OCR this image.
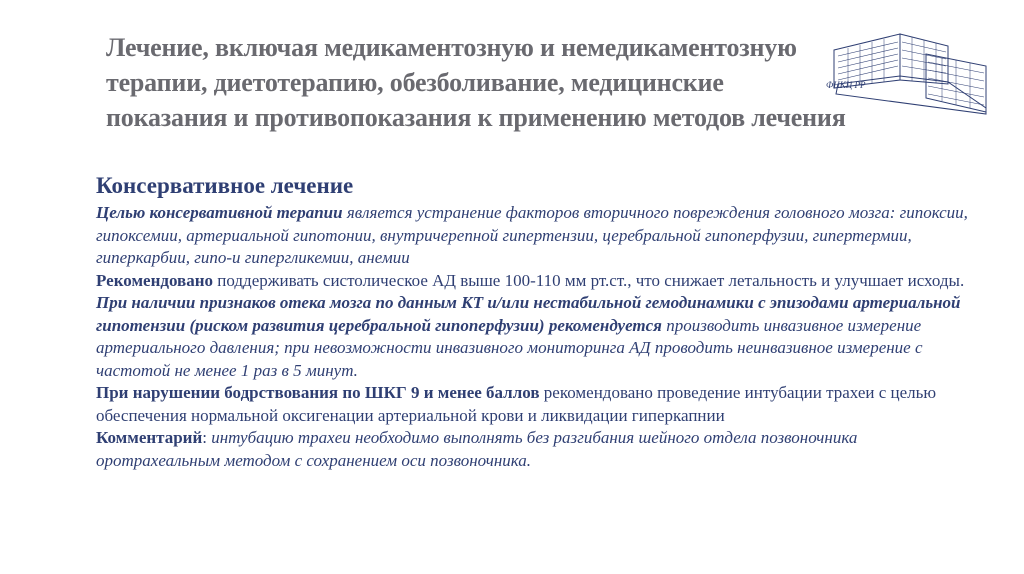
Лечение, включая медикаментозную и немедикаментозную
терапии, диетотерапию, обезболивание, медицинские
показания и противопоказания к применению методов лечения
ФНКЦ РР
Консервативное лечение

Целью консервативной терапии является устранение факторов вторичного повреждения головного мозга: гипоксии, гипоксемии, артериальной гипотонии, внутричерепной гипертензии, церебральной гипоперфузии, гипертермии, гиперкарбии, гипо-и гипергликемии, анемии

Рекомендовано поддерживать систолическое АД выше 100-110 мм рт.ст., что снижает летальность и улучшает исходы.

При наличии признаков отека мозга по данным КТ и/или нестабильной гемодинамики с эпизодами артериальной гипотензии (риском развития церебральной гипоперфузии) рекомендуется производить инвазивное измерение артериального давления; при невозможности инвазивного мониторинга АД проводить неинвазивное измерение с частотой не менее 1 раз в 5 минут.

При нарушении бодрствования по ШКГ 9 и менее баллов рекомендовано проведение интубации трахеи с целью обеспечения нормальной оксигенации артериальной крови и ликвидации гиперкапнии

Комментарий: интубацию трахеи необходимо выполнять без разгибания шейного отдела позвоночника оротрахеальным методом с сохранением оси позвоночника.
